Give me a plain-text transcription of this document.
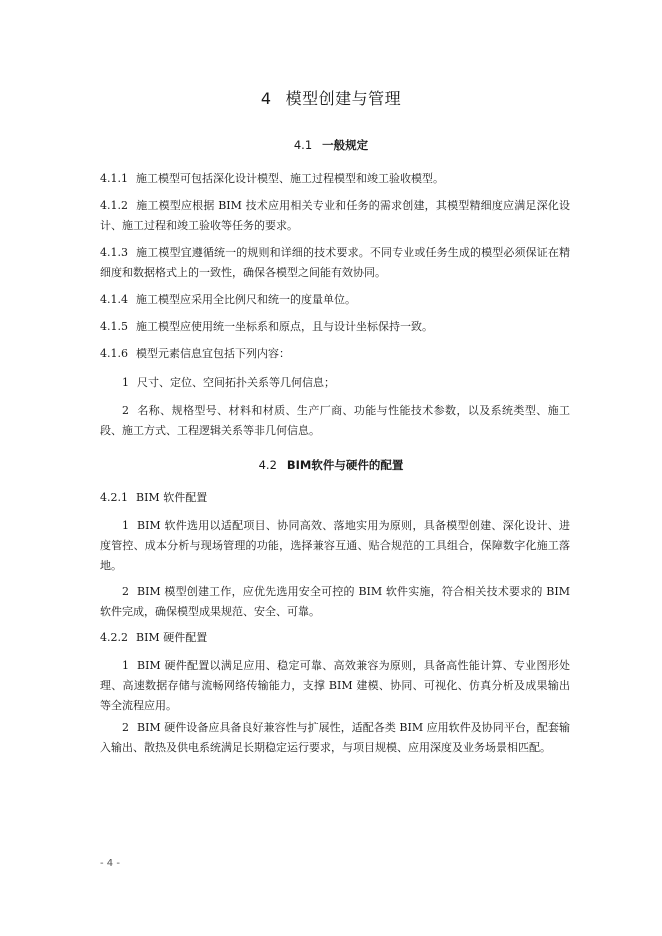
4 模型创建与管理
4.1 一般规定
4.1.1 施工模型可包括深化设计模型、施工过程模型和竣工验收模型。
4.1.2 施工模型应根据 BIM 技术应用相关专业和任务的需求创建，其模型精细度应满足深化设计、施工过程和竣工验收等任务的要求。
4.1.3 施工模型宜遵循统一的规则和详细的技术要求。不同专业或任务生成的模型必须保证在精细度和数据格式上的一致性，确保各模型之间能有效协同。
4.1.4 施工模型应采用全比例尺和统一的度量单位。
4.1.5 施工模型应使用统一坐标系和原点，且与设计坐标保持一致。
4.1.6 模型元素信息宜包括下列内容：
1 尺寸、定位、空间拓扑关系等几何信息；
2 名称、规格型号、材料和材质、生产厂商、功能与性能技术参数，以及系统类型、施工段、施工方式、工程逻辑关系等非几何信息。
4.2 BIM软件与硬件的配置
4.2.1 BIM 软件配置
1 BIM 软件选用以适配项目、协同高效、落地实用为原则，具备模型创建、深化设计、进度管控、成本分析与现场管理的功能，选择兼容互通、贴合规范的工具组合，保障数字化施工落地。
2 BIM 模型创建工作，应优先选用安全可控的 BIM 软件实施，符合相关技术要求的 BIM 软件完成，确保模型成果规范、安全、可靠。
4.2.2 BIM 硬件配置
1 BIM 硬件配置以满足应用、稳定可靠、高效兼容为原则，具备高性能计算、专业图形处理、高速数据存储与流畅网络传输能力，支撑 BIM 建模、协同、可视化、仿真分析及成果输出等全流程应用。
2 BIM 硬件设备应具备良好兼容性与扩展性，适配各类 BIM 应用软件及协同平台，配套输入输出、散热及供电系统满足长期稳定运行要求，与项目规模、应用深度及业务场景相匹配。
- 4 -
